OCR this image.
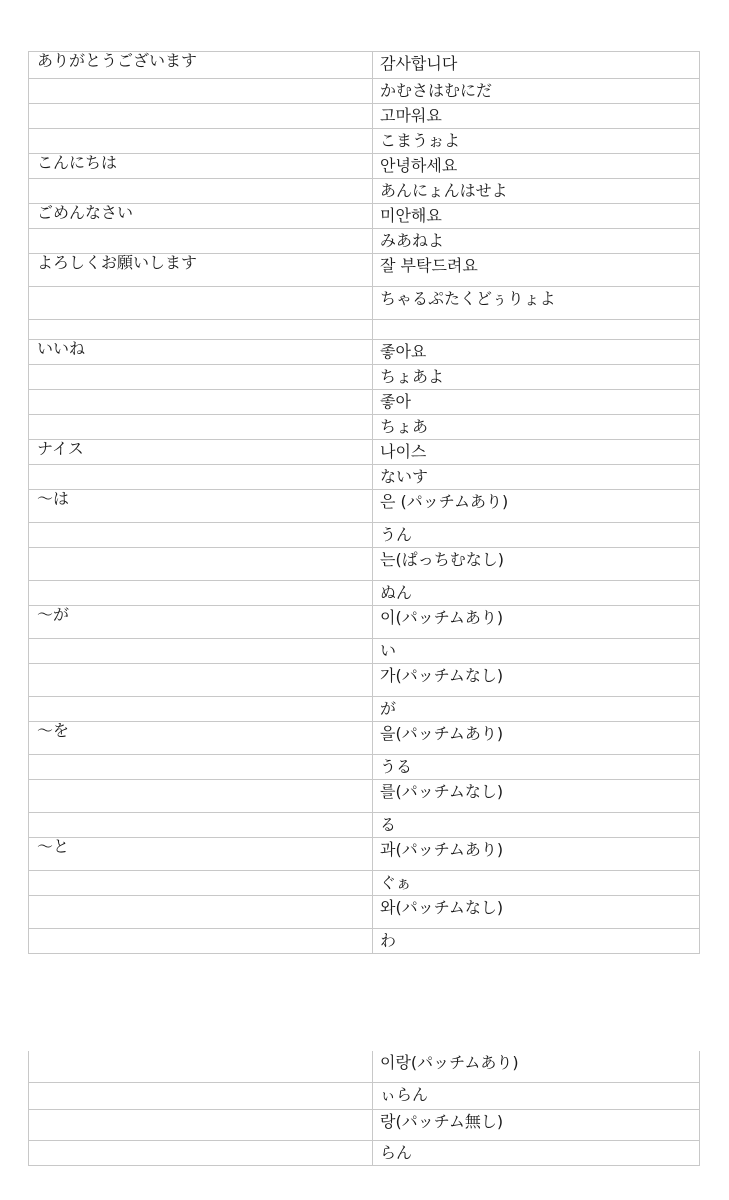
ありがとうございます	감사합니다
	かむさはむにだ
	고마워요
	こまうぉよ
こんにちは	안녕하세요
	あんにょんはせよ
ごめんなさい	미안해요
	みあねよ
よろしくお願いします	잘 부탁드려요
	ちゃるぷたくどぅりょよ

いいね	좋아요
	ちょあよ
	좋아
	ちょあ
ナイス	나이스
	ないす
〜は	은 (パッチムあり)
	うん
	는(ぱっちむなし)
	ぬん
〜が	이(パッチムあり)
	い
	가(パッチムなし)
	が
〜を	을(パッチムあり)
	うる
	를(パッチムなし)
	る
〜と	과(パッチムあり)
	ぐぁ
	와(パッチムなし)
	わ
	이랑(パッチムあり)
	ぃらん
	랑(パッチム無し)
	らん
